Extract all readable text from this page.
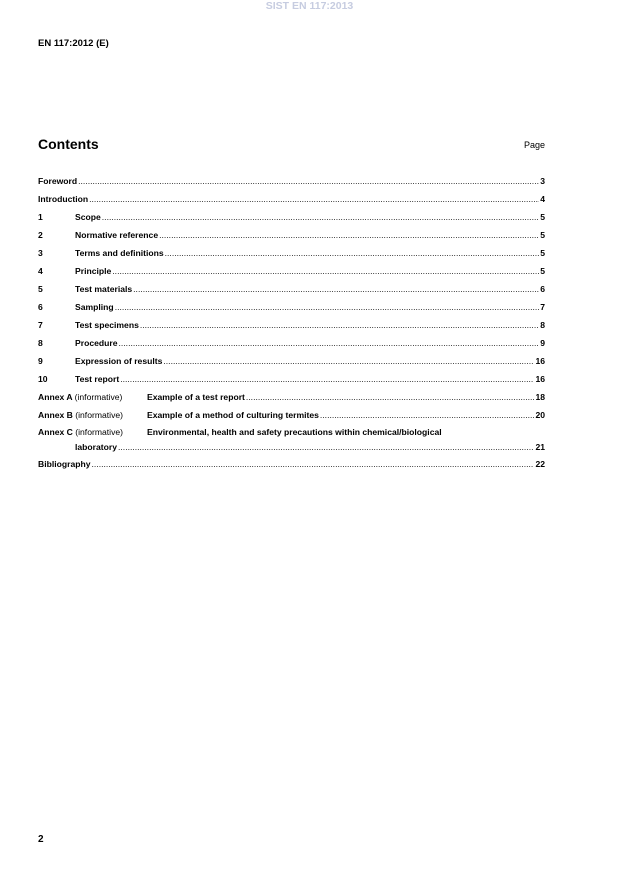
SIST EN 117:2013
EN 117:2012 (E)
Contents	Page
Foreword .....	3
Introduction .....	4
1	Scope .....	5
2	Normative reference .....	5
3	Terms and definitions .....	5
4	Principle .....	5
5	Test materials .....	6
6	Sampling .....	7
7	Test specimens .....	8
8	Procedure .....	9
9	Expression of results .....	16
10	Test report .....	16
Annex A (informative)	Example of a test report .....	18
Annex B (informative)	Example of a method of culturing termites .....	20
Annex C (informative)	Environmental, health and safety precautions within chemical/biological
laboratory .....	21
Bibliography .....	22
2
